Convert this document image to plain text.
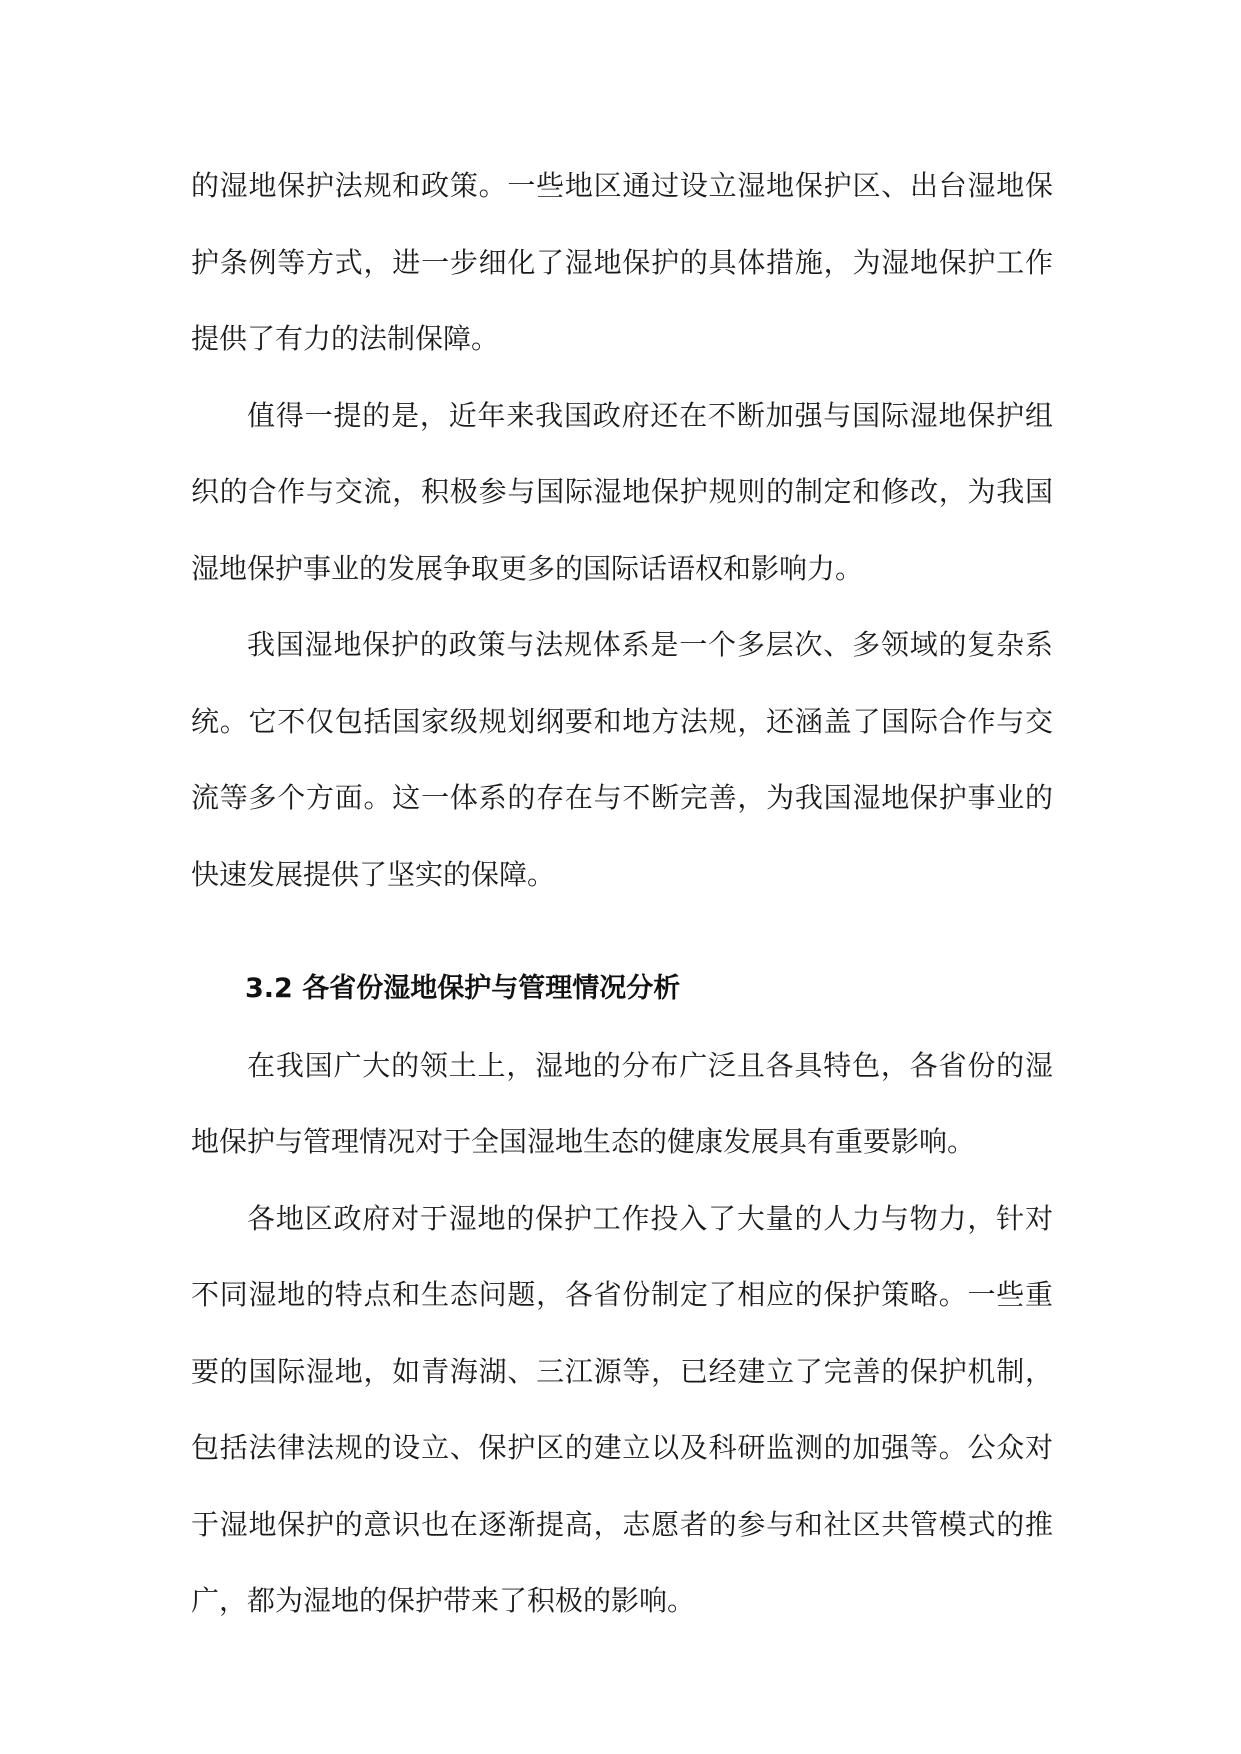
的湿地保护法规和政策。一些地区通过设立湿地保护区、出台湿地保护条例等方式，进一步细化了湿地保护的具体措施，为湿地保护工作提供了有力的法制保障。

值得一提的是，近年来我国政府还在不断加强与国际湿地保护组织的合作与交流，积极参与国际湿地保护规则的制定和修改，为我国湿地保护事业的发展争取更多的国际话语权和影响力。

我国湿地保护的政策与法规体系是一个多层次、多领域的复杂系统。它不仅包括国家级规划纲要和地方法规，还涵盖了国际合作与交流等多个方面。这一体系的存在与不断完善，为我国湿地保护事业的快速发展提供了坚实的保障。

3.2 各省份湿地保护与管理情况分析

在我国广大的领土上，湿地的分布广泛且各具特色，各省份的湿地保护与管理情况对于全国湿地生态的健康发展具有重要影响。

各地区政府对于湿地的保护工作投入了大量的人力与物力，针对不同湿地的特点和生态问题，各省份制定了相应的保护策略。一些重要的国际湿地，如青海湖、三江源等，已经建立了完善的保护机制，包括法律法规的设立、保护区的建立以及科研监测的加强等。公众对于湿地保护的意识也在逐渐提高，志愿者的参与和社区共管模式的推广，都为湿地的保护带来了积极的影响。
